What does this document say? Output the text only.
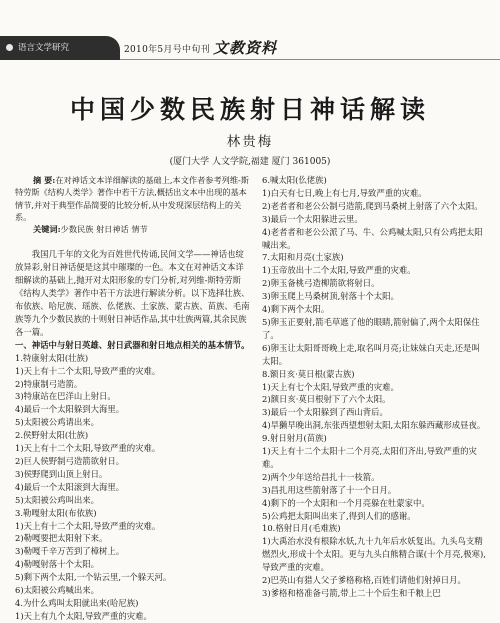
语言文学研究	2010年5月号中旬刊 文教资料
中国少数民族射日神话解读
林贵梅
(厦门大学 人文学院,福建 厦门 361005)

摘 要:在对神话文本详细解读的基础上,本文作者参考列维-斯特劳斯《结构人类学》著作中若干方法,概括出文本中出现的基本情节,并对于典型作品简要的比较分析,从中发现深层结构上的关系。

关键词:少数民族 射日神话 情节

我国几千年的文化为百姓世代传诵,民间文学——神话也绽放异彩,射日神话便是这其中璀璨的一色。本文在对神话文本详细解读的基础上,抛开对太阳形象的专门分析,对列维-斯特劳斯《结构人类学》著作中若干方法进行解读分析。以下选择壮族、布依族、哈尼族、瑶族、仫佬族、土家族、蒙古族、苗族、毛南族等九个少数民族的十则射日神话作品,其中壮族两篇,其余民族各一篇。

一、神话中与射日英雄、射日武器和射日地点相关的基本情节。

1.特康射太阳(壮族)

1)天上有十二个太阳,导致严重的灾难。

2)特康制弓造箭。

3)特康站在巴洋山上射日。

4)最后一个太阳躲到大海里。

5)太阳被公鸡请出来。

2.侯野射太阳(壮族)

1)天上有十二个太阳,导致严重的灾难。

2)巨人侯野制弓造箭欲射日。

3)侯野爬到山顶上射日。

4)最后一个太阳滚到大海里。

5)太阳被公鸡叫出来。

3.勒嘎射太阳(布依族)

1)天上有十二个太阳,导致严重的灾难。

2)勒嘎要把太阳射下来。

3)勒嘎千辛万苦到了樟树上。

4)勒嘎射落十个太阳。

5)剩下两个太阳,一个钻云里,一个躲天河。

6)太阳被公鸡喊出来。

4.为什么鸡叫太阳就出来(哈尼族)

1)天上有九个太阳,导致严重的灾难。

6.喊太阳(仫佬族)

1)白天有七日,晚上有七月,导致严重的灾难。

2)老者者和老公公制弓造箭,爬到马桑树上射落了六个太阳。

3)最后一个太阳躲进云里。

4)老者者和老公公派了马、牛、公鸡喊太阳,只有公鸡把太阳喊出来。

7.太阳和月亮(土家族)

1)玉帝放出十二个太阳,导致严重的灾难。

2)卵玉备桃弓造柳箭欲将射日。

3)卵玉爬上马桑树顶,射落十个太阳。

4)剩下两个太阳。

5)卵玉正要射,箭毛草遮了他的眼睛,箭射偏了,两个太阳保住了。

6)卵玉让太阳哥哥晚上走,取名叫月亮;让妹妹白天走,还是叫太阳。

8.额日亥·莫日根(蒙古族)

1)天上有七个太阳,导致严重的灾难。

2)额日亥·莫日根射下了六个太阳。

3)最后一个太阳躲到了西山背后。

4)旱獭早晚出洞,东张西望想射太阳,太阳东躲西藏形成昼夜。

9.射日射月(苗族)

1)天上有十二个太阳十二个月亮,太阳们齐出,导致严重的灾难。

2)两个少年送给昌扎十一枝箭。

3)昌扎用这些箭射落了十一个日月。

4)剩下的一个太阳和一个月亮躲在牡蒙家中。

5)公鸡把太阳叫出来了,得到人们的感谢。

10.格射日月(毛难族)

1)大禹治水没有根除水妖,九十九年后水妖复出。九头鸟支精燃烈火,形成十个太阳。更与九头白熊精合谋(十个月亮,极寒),导致严重的灾难。

2)巴英山有猎人父子爹格称格,百姓们请他们射掉日月。

3)爹格和格准备弓箭,带上二十个后生和千粮上巴
